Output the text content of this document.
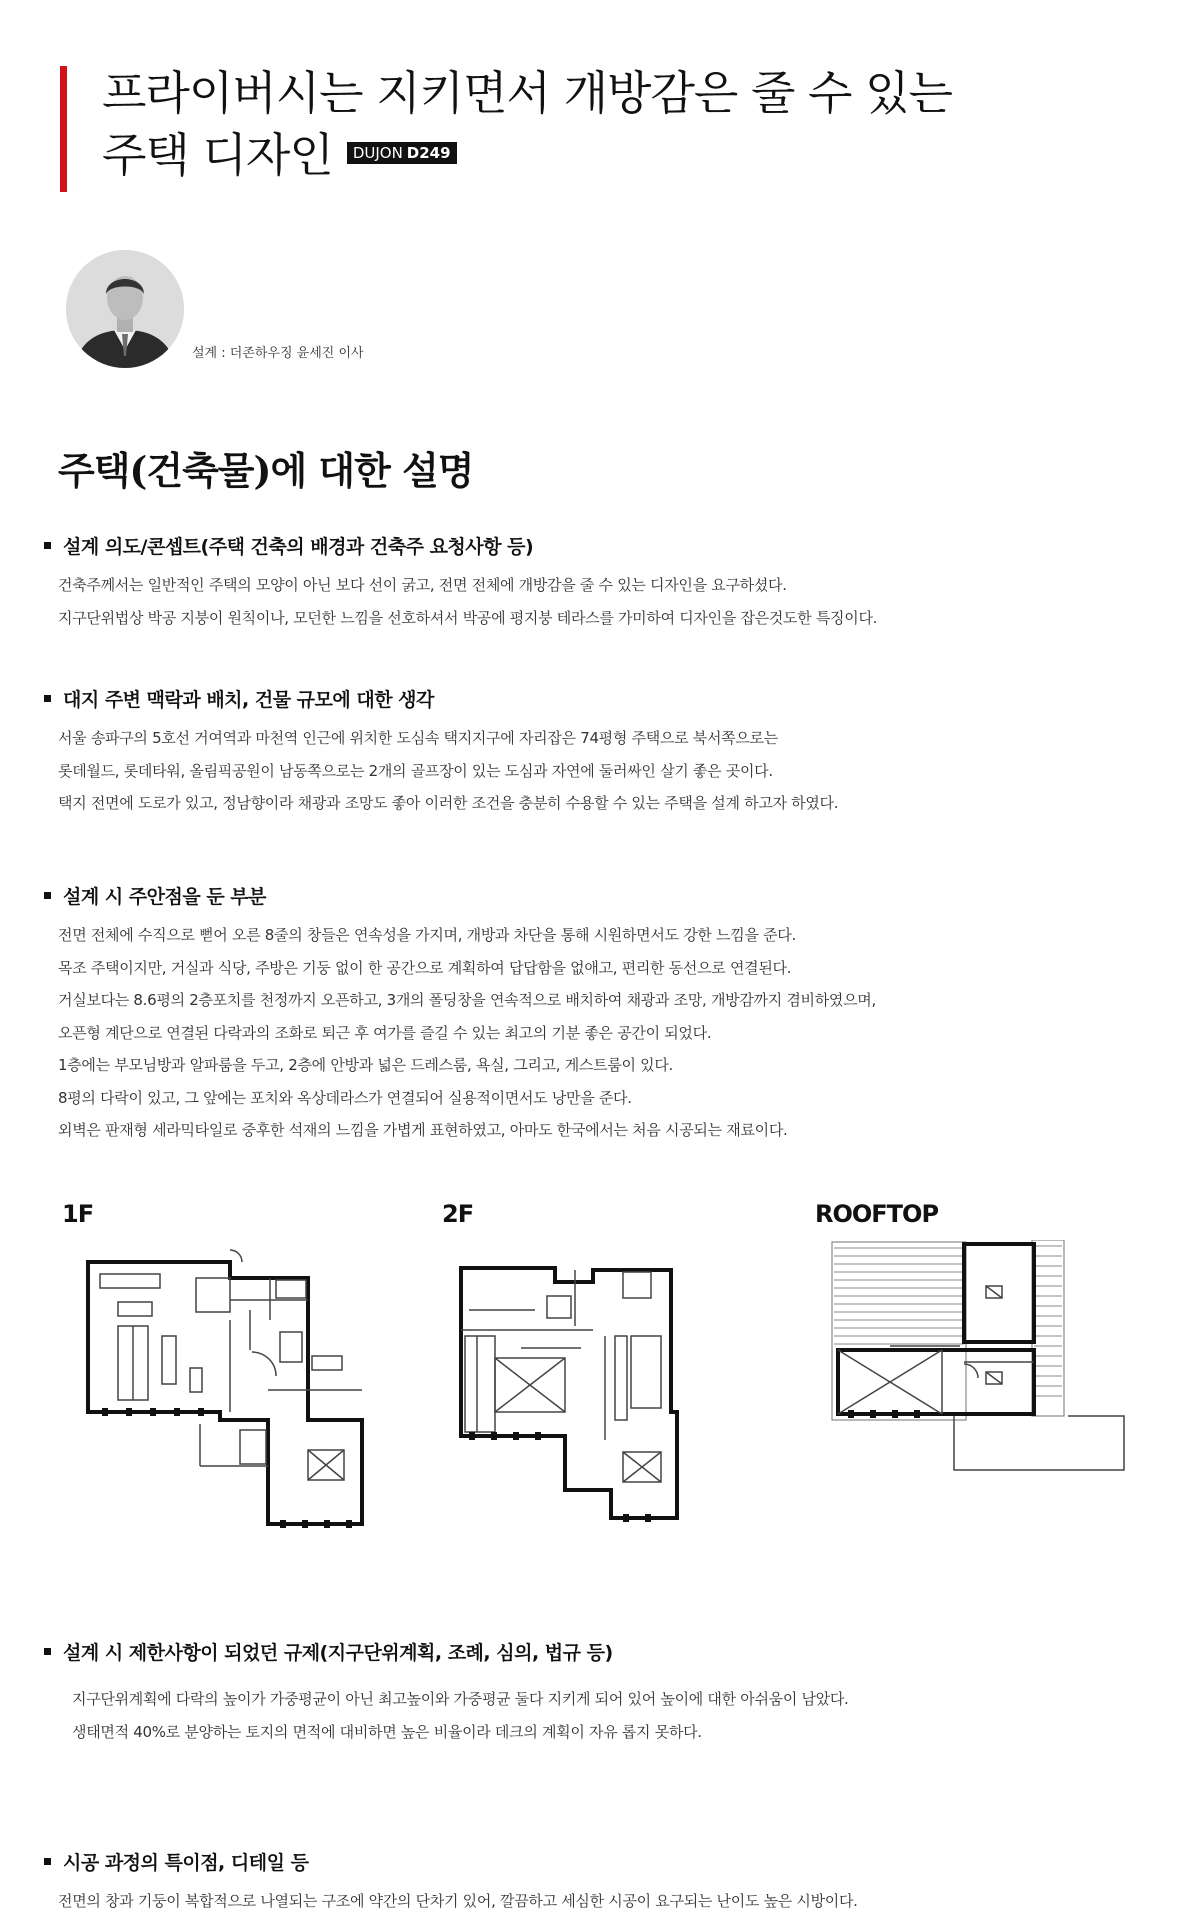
프라이버시는 지키면서 개방감은 줄 수 있는
주택 디자인 DUJON D249
설계 : 더존하우징 윤세진 이사
주택(건축물)에 대한 설명
설계 의도/콘셉트(주택 건축의 배경과 건축주 요청사항 등)

건축주께서는 일반적인 주택의 모양이 아닌 보다 선이 굵고, 전면 전체에 개방감을 줄 수 있는 디자인을 요구하셨다.

지구단위법상 박공 지붕이 원칙이나, 모던한 느낌을 선호하셔서 박공에 평지붕 테라스를 가미하여 디자인을 잡은것도한 특징이다.

대지 주변 맥락과 배치, 건물 규모에 대한 생각

서울 송파구의 5호선 거여역과 마천역 인근에 위치한 도심속 택지지구에 자리잡은 74평형 주택으로 북서쪽으로는

롯데월드, 롯데타워, 올림픽공원이 남동쪽으로는 2개의 골프장이 있는 도심과 자연에 둘러싸인 살기 좋은 곳이다.

택지 전면에 도로가 있고, 정남향이라 채광과 조망도 좋아 이러한 조건을 충분히 수용할 수 있는 주택을 설계 하고자 하였다.

설계 시 주안점을 둔 부분

전면 전체에 수직으로 뻗어 오른 8줄의 창들은 연속성을 가지며, 개방과 차단을 통해 시원하면서도 강한 느낌을 준다.

목조 주택이지만, 거실과 식당, 주방은 기둥 없이 한 공간으로 계획하여 답답함을 없애고, 편리한 동선으로 연결된다.

거실보다는 8.6평의 2층포치를 천정까지 오픈하고, 3개의 폴딩창을 연속적으로 배치하여 채광과 조망, 개방감까지 겸비하였으며,

오픈형 계단으로 연결된 다락과의 조화로 퇴근 후 여가를 즐길 수 있는 최고의 기분 좋은 공간이 되었다.

1층에는 부모님방과 알파룸을 두고, 2층에 안방과 넓은 드레스룸, 욕실, 그리고, 게스트룸이 있다.

8평의 다락이 있고, 그 앞에는 포치와 옥상데라스가 연결되어 실용적이면서도 낭만을 준다.

외벽은 판재형 세라믹타일로 중후한 석재의 느낌을 가볍게 표현하였고, 아마도 한국에서는 처음 시공되는 재료이다.

1F	2F	ROOFTOP
설계 시 제한사항이 되었던 규제(지구단위계획, 조례, 심의, 법규 등)

지구단위계획에 다락의 높이가 가중평균이 아닌 최고높이와 가중평균 둘다 지키게 되어 있어 높이에 대한 아쉬움이 남았다.

생태면적 40%로 분양하는 토지의 면적에 대비하면 높은 비율이라 데크의 계획이 자유 롭지 못하다.

시공 과정의 특이점, 디테일 등

전면의 창과 기둥이 복합적으로 나열되는 구조에 약간의 단차기 있어, 깔끔하고 세심한 시공이 요구되는 난이도 높은 시방이다.
